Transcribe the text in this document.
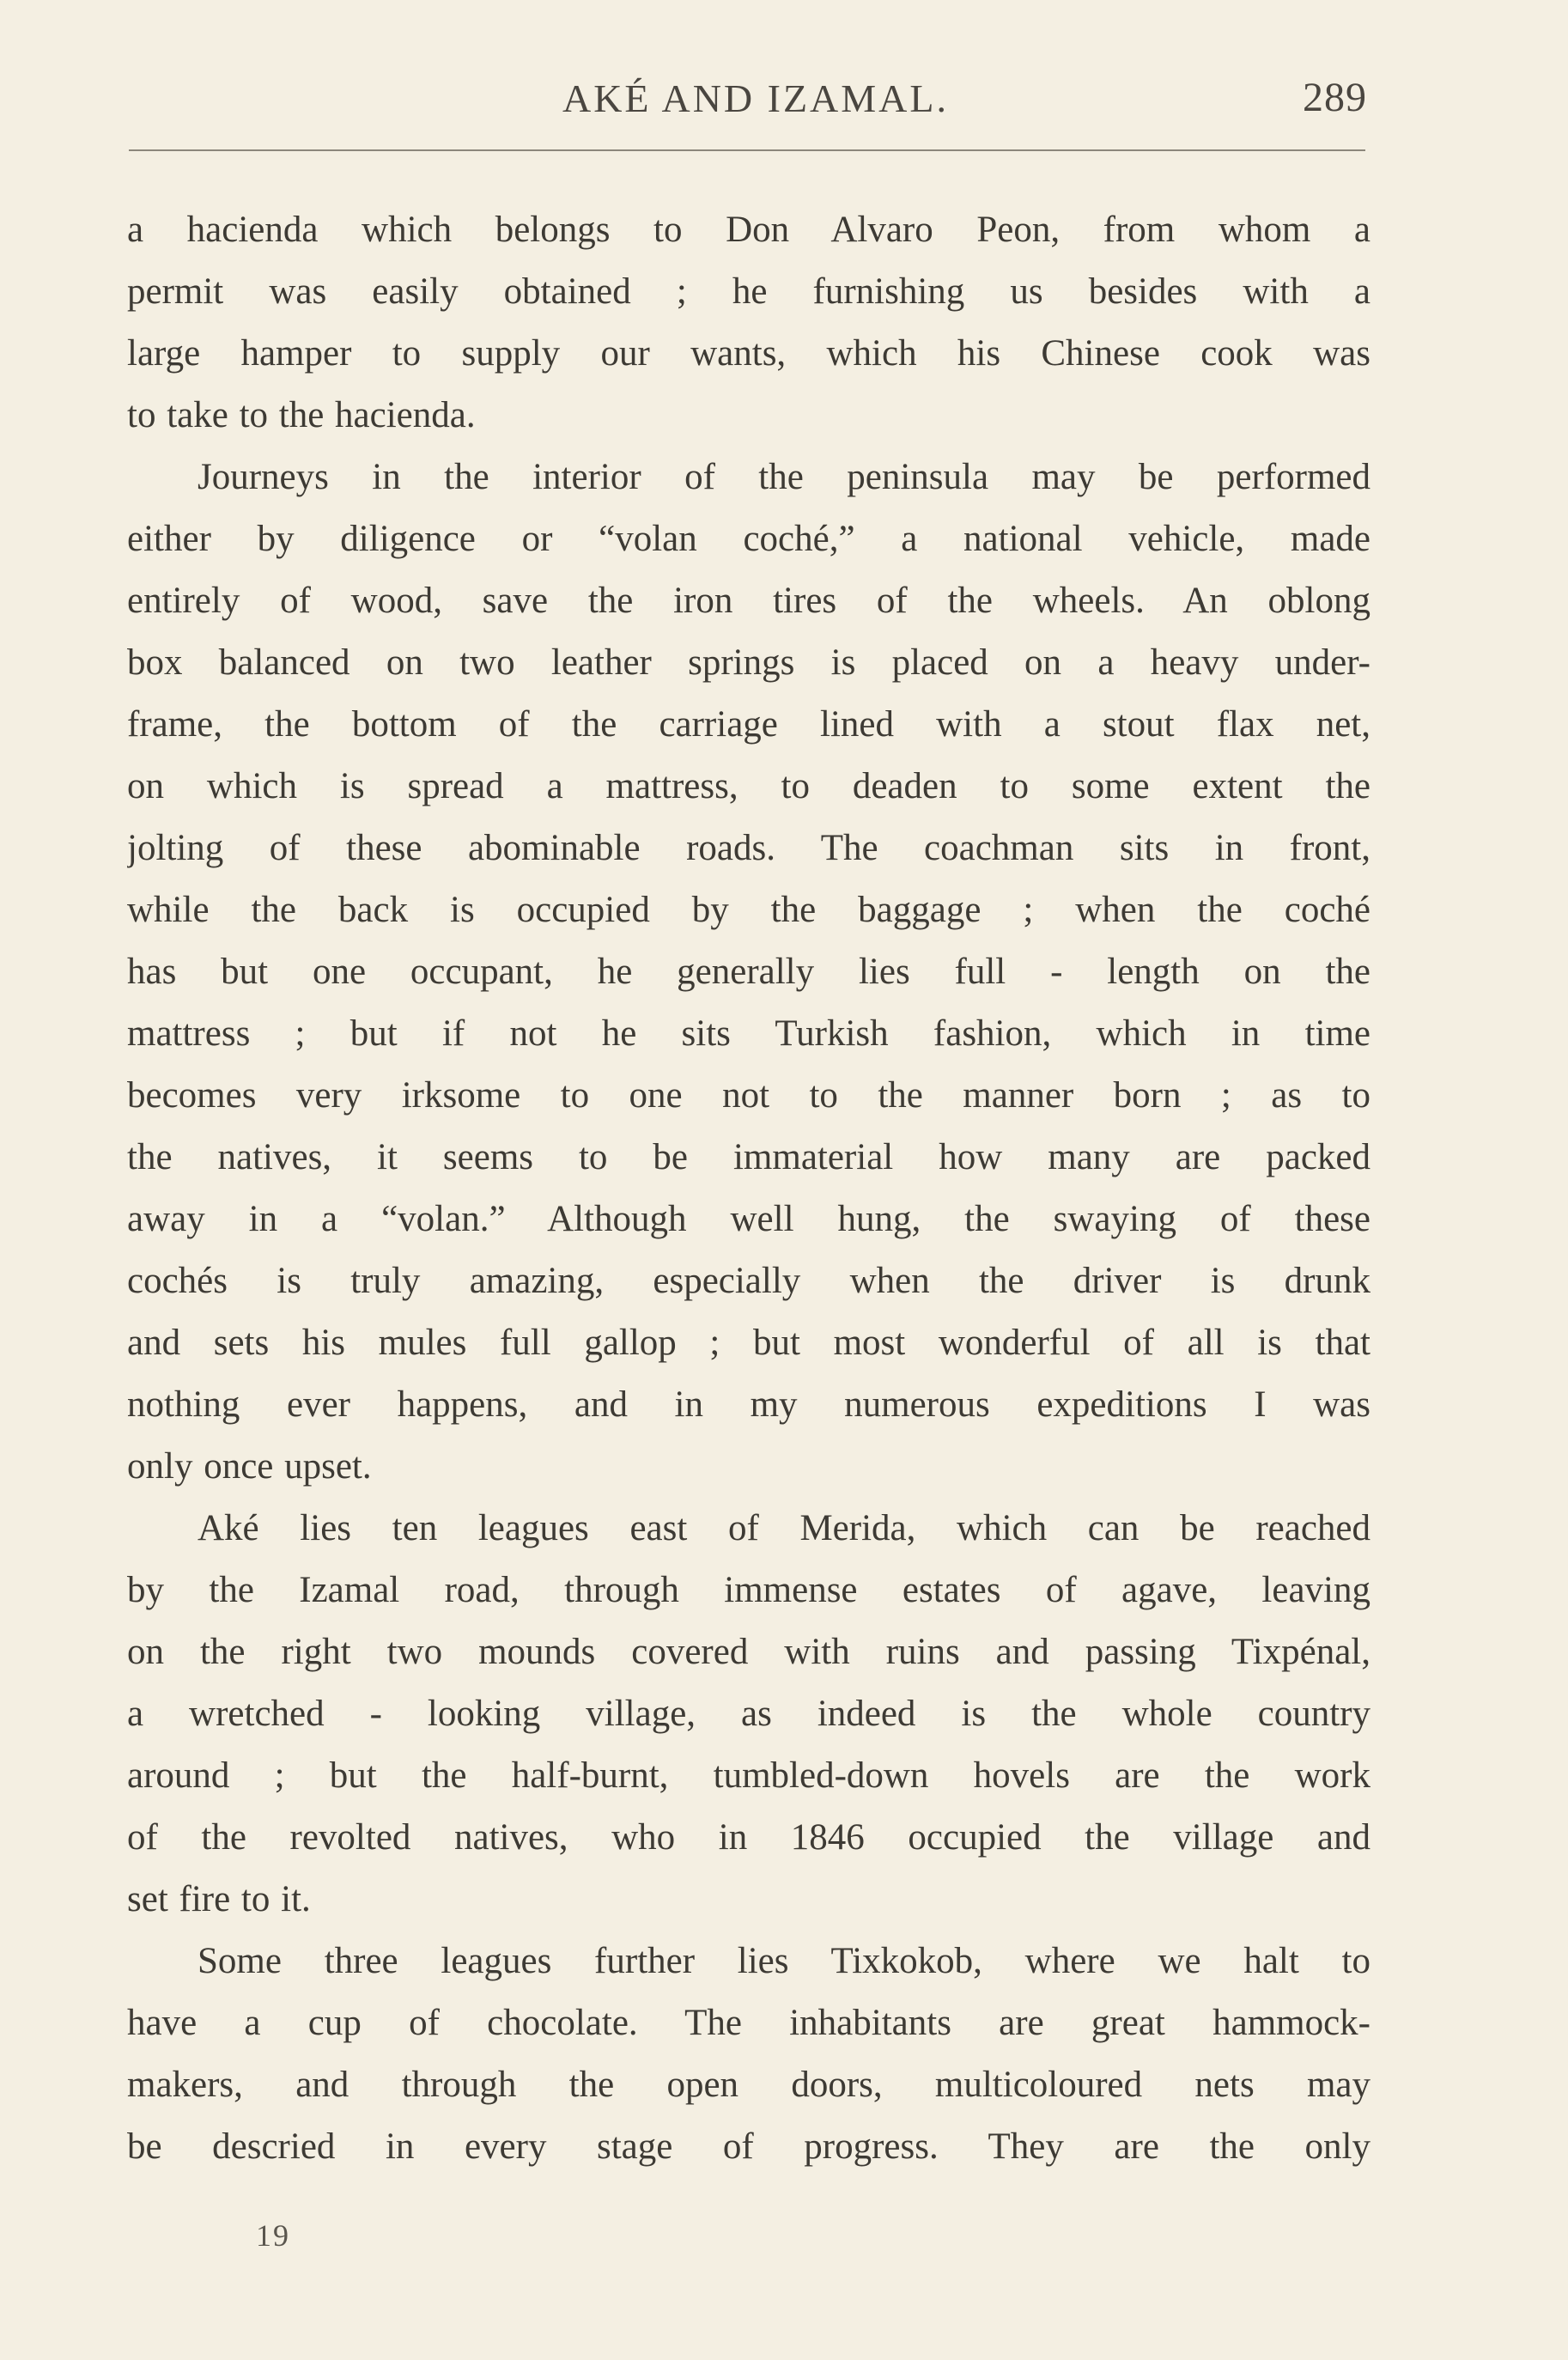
AKÉ AND IZAMAL.	289
a hacienda which belongs to Don Alvaro Peon, from whom a
permit was easily obtained ; he furnishing us besides with a
large hamper to supply our wants, which his Chinese cook was
to take to the hacienda.
Journeys in the interior of the peninsula may be performed
either by diligence or “volan coché,” a national vehicle, made
entirely of wood, save the iron tires of the wheels. An oblong
box balanced on two leather springs is placed on a heavy under-
frame, the bottom of the carriage lined with a stout flax net,
on which is spread a mattress, to deaden to some extent the
jolting of these abominable roads. The coachman sits in front,
while the back is occupied by the baggage ; when the coché
has but one occupant, he generally lies full - length on the
mattress ; but if not he sits Turkish fashion, which in time
becomes very irksome to one not to the manner born ; as to
the natives, it seems to be immaterial how many are packed
away in a “volan.” Although well hung, the swaying of these
cochés is truly amazing, especially when the driver is drunk
and sets his mules full gallop ; but most wonderful of all is that
nothing ever happens, and in my numerous expeditions I was
only once upset.
Aké lies ten leagues east of Merida, which can be reached
by the Izamal road, through immense estates of agave, leaving
on the right two mounds covered with ruins and passing Tixpénal,
a wretched - looking village, as indeed is the whole country
around ; but the half-burnt, tumbled-down hovels are the work
of the revolted natives, who in 1846 occupied the village and
set fire to it.
Some three leagues further lies Tixkokob, where we halt to
have a cup of chocolate. The inhabitants are great hammock-
makers, and through the open doors, multicoloured nets may
be descried in every stage of progress. They are the only
19
